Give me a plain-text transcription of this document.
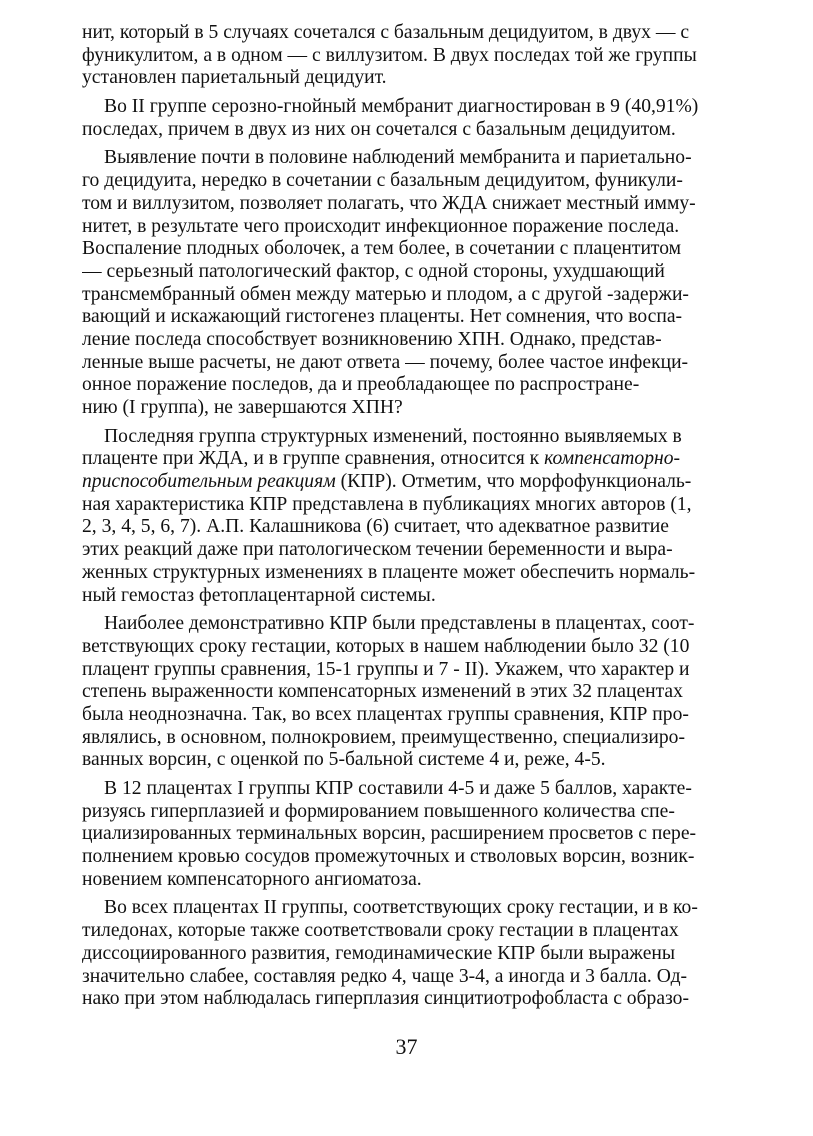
нит, который в 5 случаях сочетался с базальным децидуитом, в двух — с
фуникулитом, а в одном — с виллузитом. В двух последах той же группы
установлен париетальный децидуит.
Во II группе серозно-гнойный мембранит диагностирован в 9 (40,91%)
последах, причем в двух из них он сочетался с базальным децидуитом.
Выявление почти в половине наблюдений мембранита и париетально-
го децидуита, нередко в сочетании с базальным децидуитом, фуникули-
том и виллузитом, позволяет полагать, что ЖДА снижает местный иммy-
нитет, в результате чего происходит инфекционное поражение последа.
Воспаление плодных оболочек, а тем более, в сочетании с плацентитом
— серьезный патологический фактор, с одной стороны, ухудшающий
трансмембранный обмен между матерью и плодом, а с другой -задержи-
вающий и искажающий гистогенез плаценты. Нет сомнения, что воспа-
ление последа способствует возникновению ХПН. Однако, представ-
ленные выше расчеты, не дают ответа — почему, более частое инфекци-
онное поражение последов, да и преобладающее по распростране-
нию (I группа), не завершаются ХПН?
Последняя группа структурных изменений, постоянно выявляемых в
плаценте при ЖДА, и в группе сравнения, относится к компенсаторно-
приспособительным реакциям (КПР). Отметим, что морфофункциональ-
ная характеристика КПР представлена в публикациях многих авторов (1,
2, 3, 4, 5, 6, 7). А.П. Калашникова (6) считает, что адекватное развитие
этих реакций даже при патологическом течении беременности и выра-
женных структурных изменениях в плаценте может обеспечить нормаль-
ный гемостаз фетоплацентарной системы.
Наиболее демонстративно КПР были представлены в плацентах, соот-
ветствующих сроку гестации, которых в нашем наблюдении было 32 (10
плацент группы сравнения, 15-1 группы и 7 - II). Укажем, что характер и
степень выраженности компенсаторных изменений в этих 32 плацентах
была неоднозначна. Так, во всех плацентах группы сравнения, КПР про-
являлись, в основном, полнокровием, преимущественно, специализиро-
ванных ворсин, с оценкой по 5-бальной системе 4 и, реже, 4-5.
В 12 плацентах I группы КПР составили 4-5 и даже 5 баллов, характе-
ризуясь гиперплазией и формированием повышенного количества спе-
циализированных терминальных ворсин, расширением просветов с пере-
полнением кровью сосудов промежуточных и стволовых ворсин, возник-
новением компенсаторного ангиоматоза.
Во всех плацентах II группы, соответствующих сроку гестации, и в ко-
тиледонах, которые также соответствовали сроку гестации в плацентах
диссоциированного развития, гемодинамические КПР были выражены
значительно слабее, составляя редко 4, чаще 3-4, а иногда и 3 балла. Од-
нако при этом наблюдалась гиперплазия синцитиотрофобласта с образо-
37
